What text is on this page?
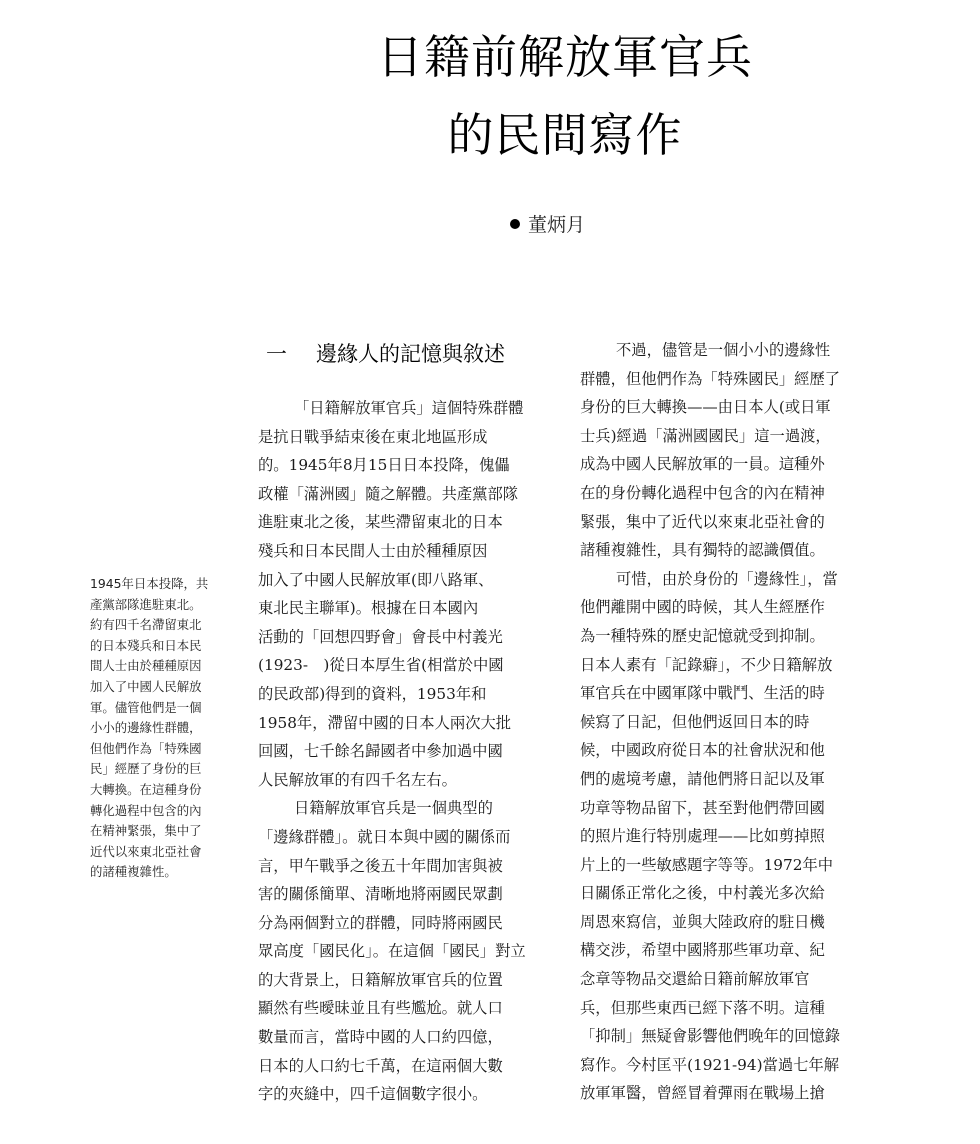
日籍前解放軍官兵
的民間寫作
董炳月
一 邊緣人的記憶與敘述
「日籍解放軍官兵」這個特殊群體
是抗日戰爭結束後在東北地區形成
的。1945年8月15日日本投降，傀儡
政權「滿洲國」隨之解體。共產黨部隊
進駐東北之後，某些滯留東北的日本
殘兵和日本民間人士由於種種原因
加入了中國人民解放軍(即八路軍、
東北民主聯軍)。根據在日本國內
活動的「回想四野會」會長中村義光
(1923-　)從日本厚生省(相當於中國
的民政部)得到的資料，1953年和
1958年，滯留中國的日本人兩次大批
回國，七千餘名歸國者中參加過中國
人民解放軍的有四千名左右。
日籍解放軍官兵是一個典型的
「邊緣群體」。就日本與中國的關係而
言，甲午戰爭之後五十年間加害與被
害的關係簡單、清晰地將兩國民眾劃
分為兩個對立的群體，同時將兩國民
眾高度「國民化」。在這個「國民」對立
的大背景上，日籍解放軍官兵的位置
顯然有些曖昧並且有些尷尬。就人口
數量而言，當時中國的人口約四億，
日本的人口約七千萬，在這兩個大數
字的夾縫中，四千這個數字很小。
不過，儘管是一個小小的邊緣性
群體，但他們作為「特殊國民」經歷了
身份的巨大轉換——由日本人(或日軍
士兵)經過「滿洲國國民」這一過渡，
成為中國人民解放軍的一員。這種外
在的身份轉化過程中包含的內在精神
緊張，集中了近代以來東北亞社會的
諸種複雜性，具有獨特的認識價值。
可惜，由於身份的「邊緣性」，當
他們離開中國的時候，其人生經歷作
為一種特殊的歷史記憶就受到抑制。
日本人素有「記錄癖」，不少日籍解放
軍官兵在中國軍隊中戰鬥、生活的時
候寫了日記，但他們返回日本的時
候，中國政府從日本的社會狀況和他
們的處境考慮，請他們將日記以及軍
功章等物品留下，甚至對他們帶回國
的照片進行特別處理——比如剪掉照
片上的一些敏感題字等等。1972年中
日關係正常化之後，中村義光多次給
周恩來寫信，並與大陸政府的駐日機
構交涉，希望中國將那些軍功章、紀
念章等物品交還給日籍前解放軍官
兵，但那些東西已經下落不明。這種
「抑制」無疑會影響他們晚年的回憶錄
寫作。今村匡平(1921-94)當過七年解
放軍軍醫，曾經冒着彈雨在戰場上搶
1945年日本投降，共
產黨部隊進駐東北。
約有四千名滯留東北
的日本殘兵和日本民
間人士由於種種原因
加入了中國人民解放
軍。儘管他們是一個
小小的邊緣性群體，
但他們作為「特殊國
民」經歷了身份的巨
大轉換。在這種身份
轉化過程中包含的內
在精神緊張，集中了
近代以來東北亞社會
的諸種複雜性。
